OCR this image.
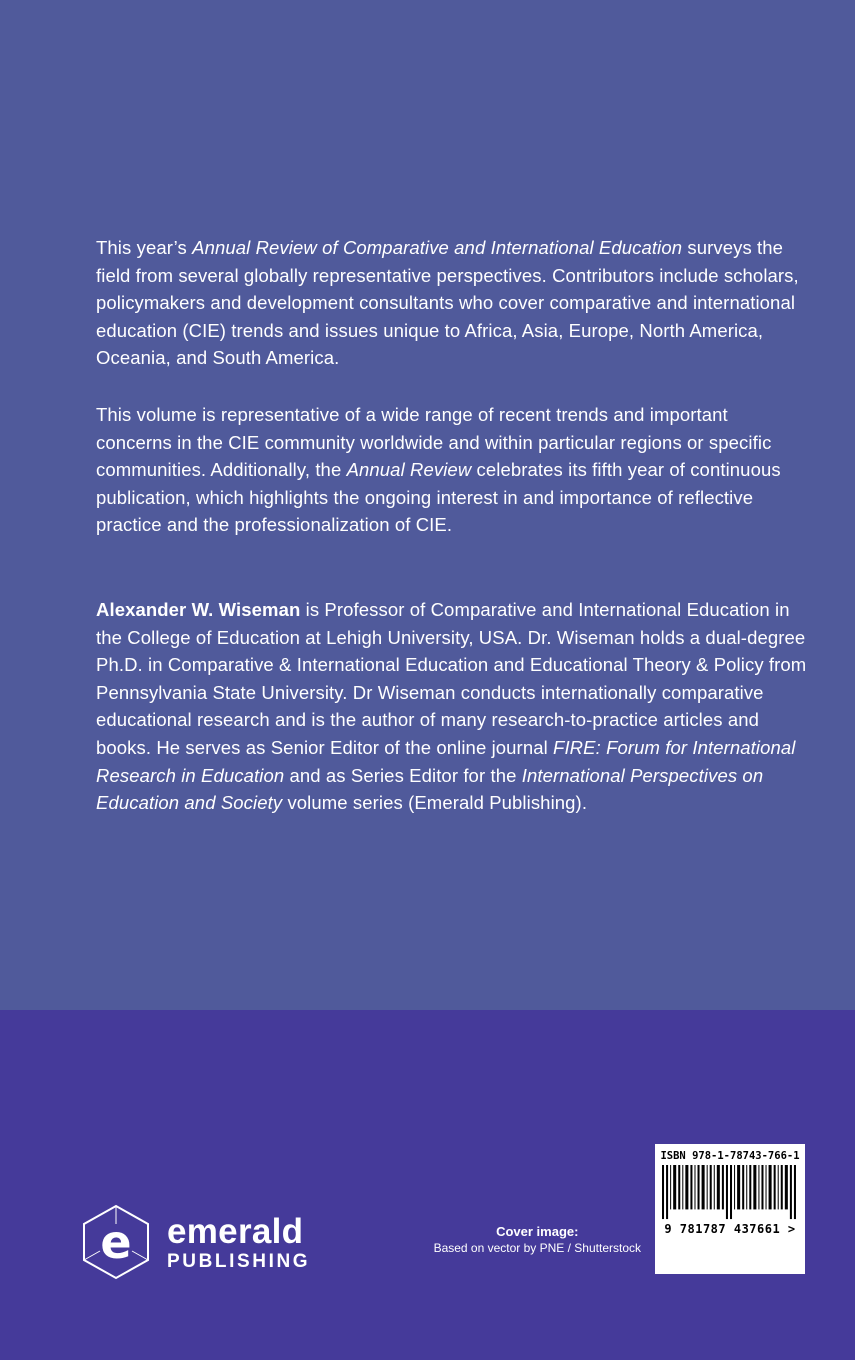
This year’s Annual Review of Comparative and International Education surveys the field from several globally representative perspectives. Contributors include scholars, policymakers and development consultants who cover comparative and international education (CIE) trends and issues unique to Africa, Asia, Europe, North America, Oceania, and South America.

This volume is representative of a wide range of recent trends and important concerns in the CIE community worldwide and within particular regions or specific communities. Additionally, the Annual Review celebrates its fifth year of continuous publication, which highlights the ongoing interest in and importance of reflective practice and the professionalization of CIE.

Alexander W. Wiseman is Professor of Comparative and International Education in the College of Education at Lehigh University, USA. Dr. Wiseman holds a dual-degree Ph.D. in Comparative & International Education and Educational Theory & Policy from Pennsylvania State University. Dr Wiseman conducts internationally comparative educational research and is the author of many research-to-practice articles and books. He serves as Senior Editor of the online journal FIRE: Forum for International Research in Education and as Series Editor for the International Perspectives on Education and Society volume series (Emerald Publishing).

e emerald
PUBLISHING
Cover image:
Based on vector by PNE / Shutterstock
ISBN 978-1-78743-766-1
9 781787 437661 >
